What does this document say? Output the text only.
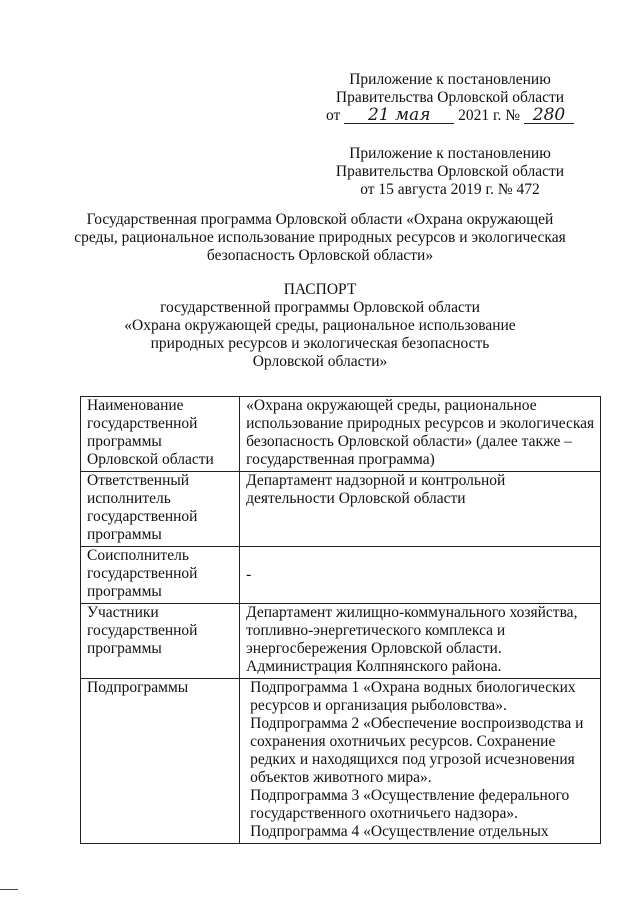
Приложение к постановлению
Правительства Орловской области
от 21 мая 2021 г. № 280
Приложение к постановлению
Правительства Орловской области
от 15 августа 2019 г. № 472
Государственная программа Орловской области «Охрана окружающей
среды, рациональное использование природных ресурсов и экологическая
безопасность Орловской области»
ПАСПОРТ
государственной программы Орловской области
«Охрана окружающей среды, рациональное использование
природных ресурсов и экологическая безопасность
Орловской области»
Наименование государственной программы Орловской области	«Охрана окружающей среды, рациональное использование природных ресурсов и экологическая безопасность Орловской области» (далее также – государственная программа)
Ответственный исполнитель государственной программы	Департамент надзорной и контрольной деятельности Орловской области
Соисполнитель государственной программы	-

Участники государственной программы	Департамент жилищно-коммунального хозяйства, топливно-энергетического комплекса и энергосбережения Орловской области. Администрация Колпнянского района.
Подпрограммы	Подпрограмма 1 «Охрана водных биологических ресурсов и организация рыболовства».
Подпрограмма 2 «Обеспечение воспроизводства и сохранения охотничьих ресурсов. Сохранение редких и находящихся под угрозой исчезновения объектов животного мира».
Подпрограмма 3 «Осуществление федерального государственного охотничьего надзора».
Подпрограмма 4 «Осуществление отдельных
